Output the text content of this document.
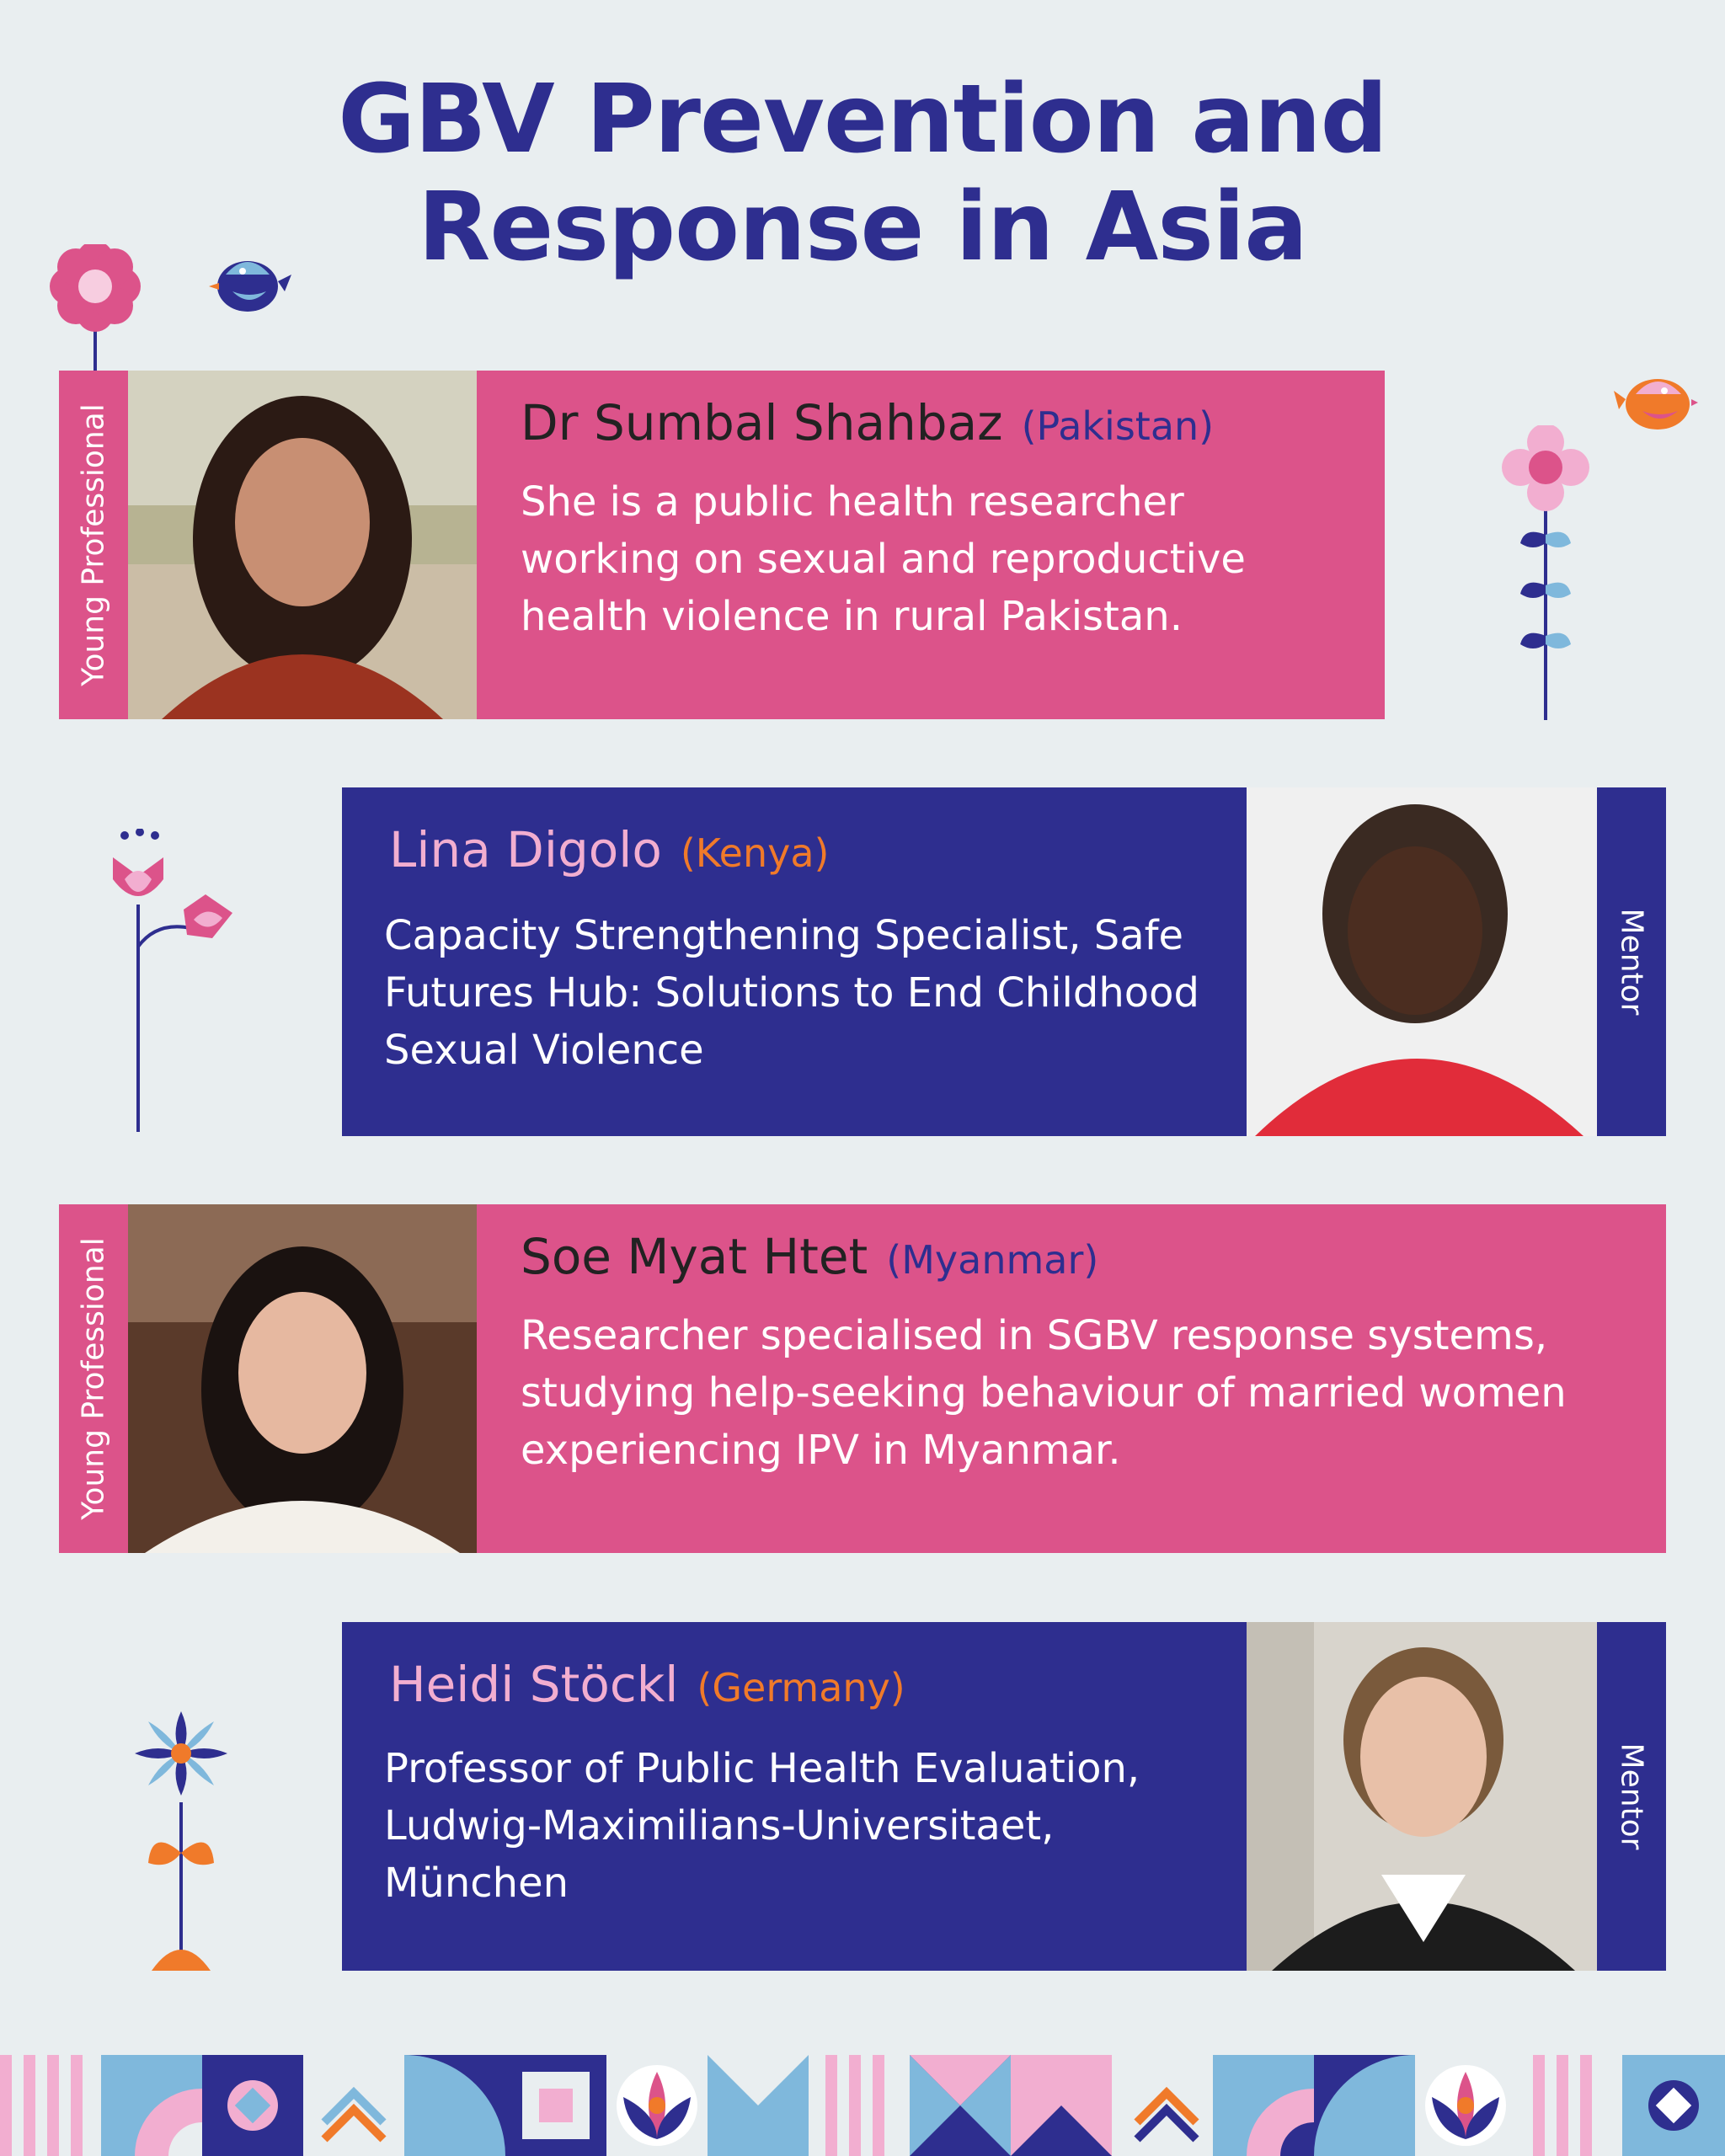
GBV Prevention and
Response in Asia
Young Professional	Dr Sumbal Shahbaz (Pakistan)
She is a public health researcher working on sexual and reproductive health violence in rural Pakistan.
Lina Digolo (Kenya)
Capacity Strengthening Specialist, Safe Futures Hub: Solutions to End Childhood Sexual Violence
Mentor
Young Professional	Soe Myat Htet (Myanmar)
Researcher specialised in SGBV response systems, studying help-seeking behaviour of married women experiencing IPV in Myanmar.
Heidi Stöckl (Germany)
Professor of Public Health Evaluation, Ludwig-Maximilians-Universitaet, München
Mentor
